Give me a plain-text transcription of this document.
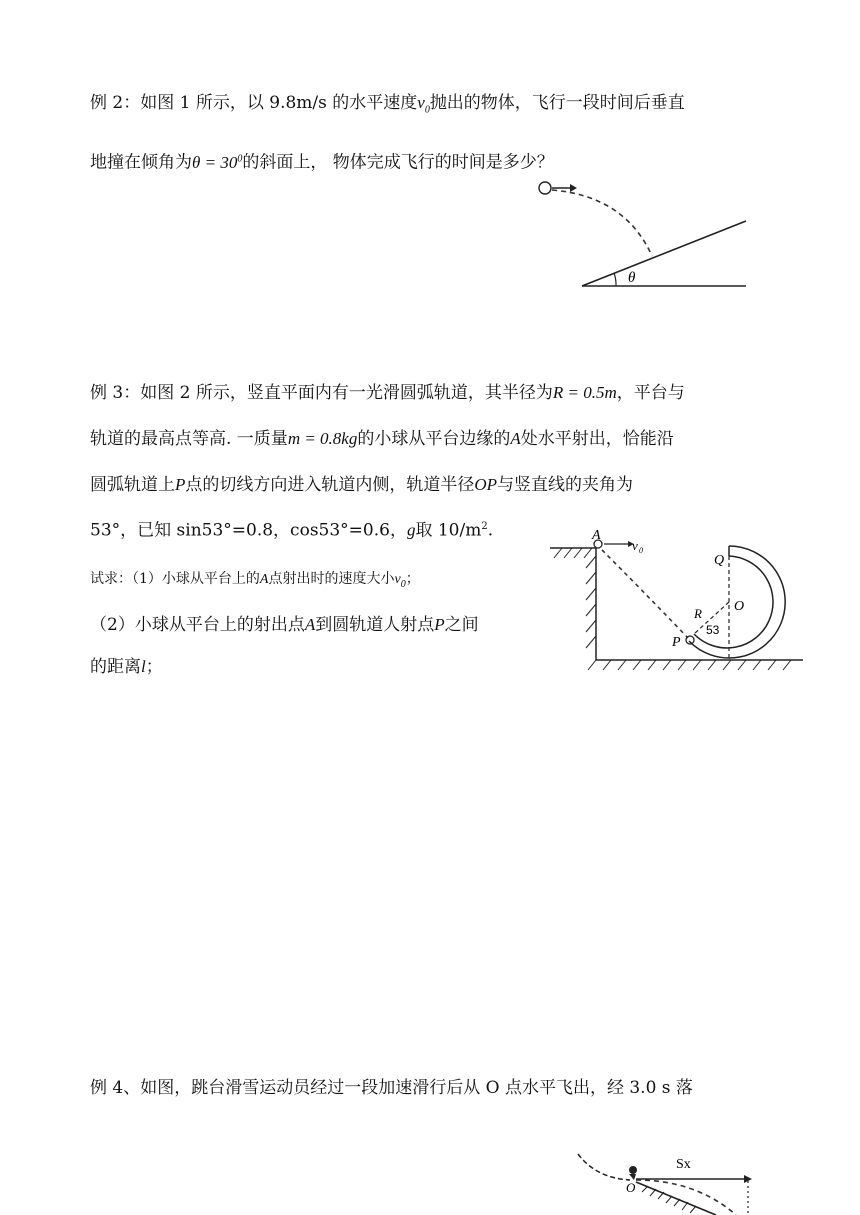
例 2：如图 1 所示，以 9.8m/s 的水平速度$v_0$抛出的物体，飞行一段时间后垂直
地撞在倾角为$\theta = 30^0$的斜面上， 物体完成飞行的时间是多少？
θ
例 3：如图 2 所示，竖直平面内有一光滑圆弧轨道，其半径为R = 0.5m，平台与
轨道的最高点等高. 一质量m = 0.8kg的小球从平台边缘的A处水平射出，恰能沿
圆弧轨道上P点的切线方向进入轨道内侧，轨道半径OP与竖直线的夹角为
53°，已知 sin53°=0.8，cos53°=0.6，g取 $10/m^2$.
试求：（1）小球从平台上的A点射出时的速度大小$v_0$；
（2）小球从平台上的射出点A到圆轨道人射点P之间
的距离l；
A
v 0
Q
O
R
P
53
例 4、如图，跳台滑雪运动员经过一段加速滑行后从 O 点水平飞出，经 3.0 s 落
Sx
O
